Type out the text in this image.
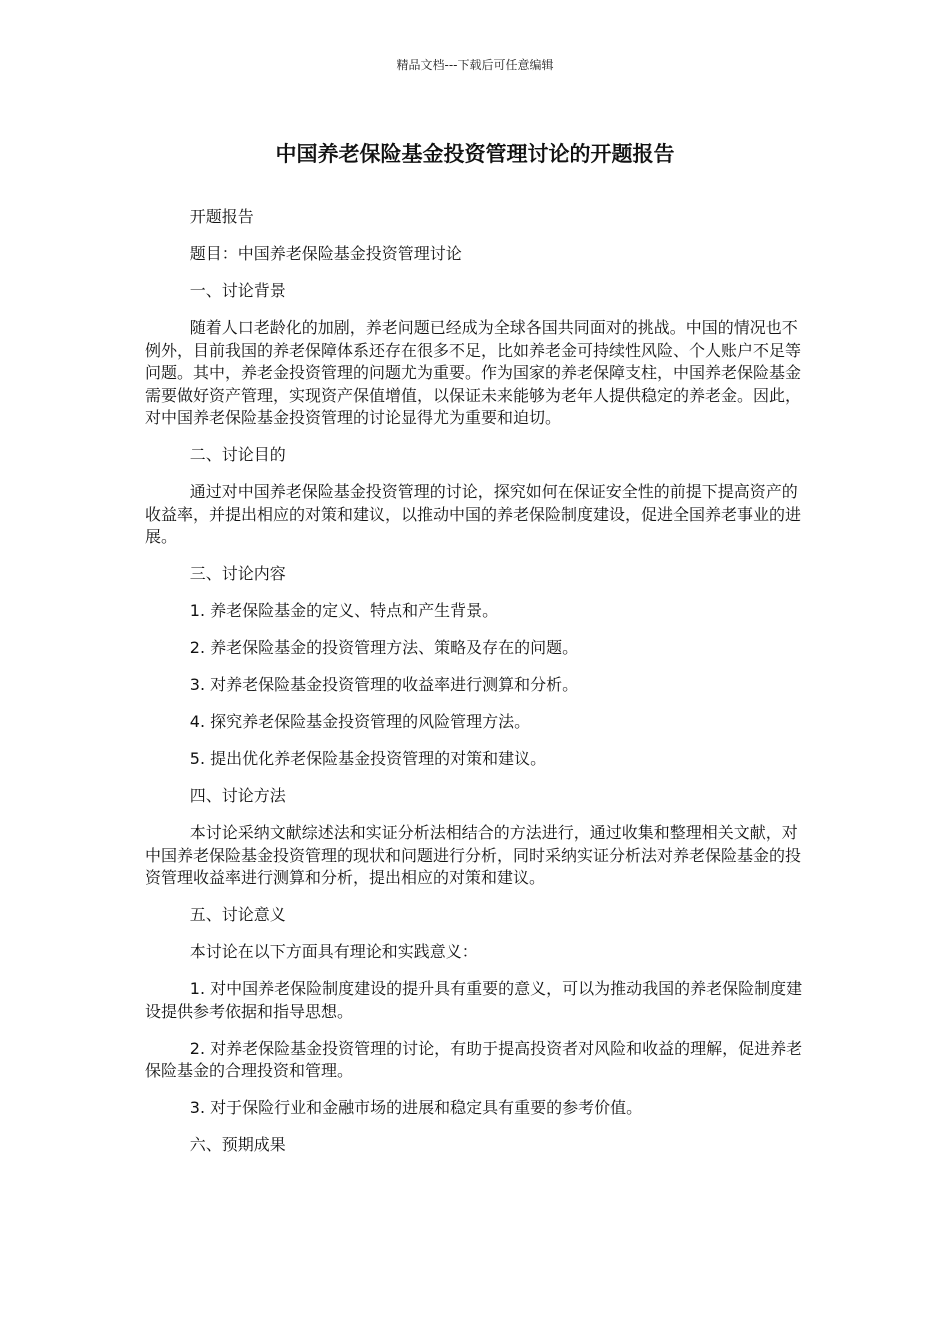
精品文档---下载后可任意编辑
中国养老保险基金投资管理讨论的开题报告

开题报告

题目：中国养老保险基金投资管理讨论

一、讨论背景

随着人口老龄化的加剧，养老问题已经成为全球各国共同面对的挑战。中国的情况也不例外，目前我国的养老保障体系还存在很多不足，比如养老金可持续性风险、个人账户不足等问题。其中，养老金投资管理的问题尤为重要。作为国家的养老保障支柱，中国养老保险基金需要做好资产管理，实现资产保值增值，以保证未来能够为老年人提供稳定的养老金。因此，对中国养老保险基金投资管理的讨论显得尤为重要和迫切。

二、讨论目的

通过对中国养老保险基金投资管理的讨论，探究如何在保证安全性的前提下提高资产的收益率，并提出相应的对策和建议，以推动中国的养老保险制度建设，促进全国养老事业的进展。

三、讨论内容

1. 养老保险基金的定义、特点和产生背景。

2. 养老保险基金的投资管理方法、策略及存在的问题。

3. 对养老保险基金投资管理的收益率进行测算和分析。

4. 探究养老保险基金投资管理的风险管理方法。

5. 提出优化养老保险基金投资管理的对策和建议。

四、讨论方法

本讨论采纳文献综述法和实证分析法相结合的方法进行，通过收集和整理相关文献，对中国养老保险基金投资管理的现状和问题进行分析，同时采纳实证分析法对养老保险基金的投资管理收益率进行测算和分析，提出相应的对策和建议。

五、讨论意义

本讨论在以下方面具有理论和实践意义：

1. 对中国养老保险制度建设的提升具有重要的意义，可以为推动我国的养老保险制度建设提供参考依据和指导思想。

2. 对养老保险基金投资管理的讨论，有助于提高投资者对风险和收益的理解，促进养老保险基金的合理投资和管理。

3. 对于保险行业和金融市场的进展和稳定具有重要的参考价值。

六、预期成果
